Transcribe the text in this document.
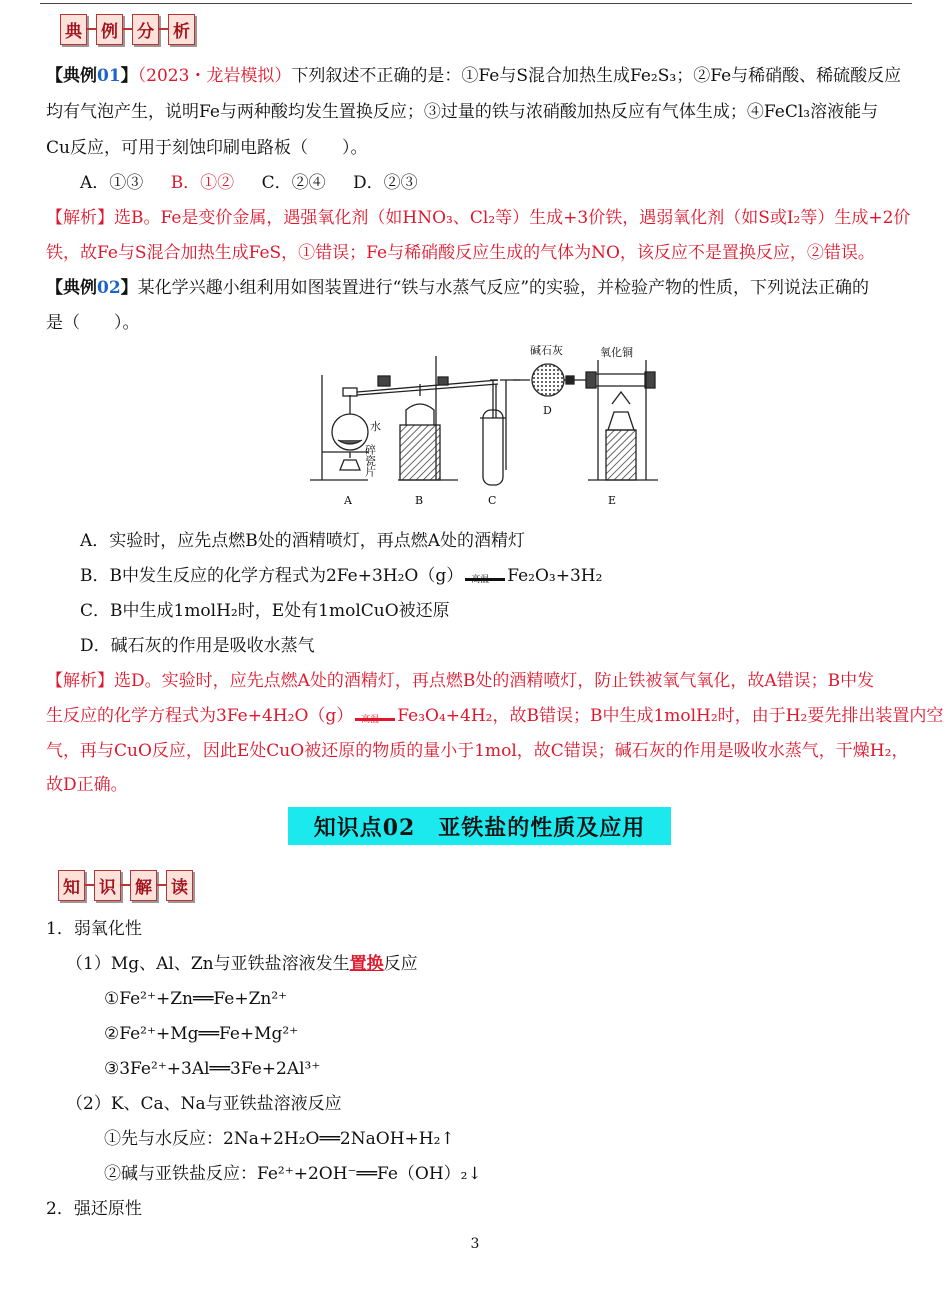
典 例 分 析
【典例01】（2023・龙岩模拟）下列叙述不正确的是：①Fe与S混合加热生成Fe₂S₃；②Fe与稀硝酸、稀硫酸反应
均有气泡产生，说明Fe与两种酸均发生置换反应；③过量的铁与浓硝酸加热反应有气体生成；④FeCl₃溶液能与
Cu反应，可用于刻蚀印刷电路板（　　）。
A．①③ B．①② C．②④ D．②③
【解析】选B。Fe是变价金属，遇强氧化剂（如HNO₃、Cl₂等）生成+3价铁，遇弱氧化剂（如S或I₂等）生成+2价
铁，故Fe与S混合加热生成FeS，①错误；Fe与稀硝酸反应生成的气体为NO，该反应不是置换反应，②错误。
【典例02】某化学兴趣小组利用如图装置进行“铁与水蒸气反应”的实验，并检验产物的性质，下列说法正确的
是（　　）。
水
碎瓷片
碱石灰	氧化铜
A	B	C
D
E
A．实验时，应先点燃B处的酒精喷灯，再点燃A处的酒精灯
B．B中发生反应的化学方程式为2Fe+3H₂O（g） 高温 Fe₂O₃+3H₂
C．B中生成1molH₂时，E处有1molCuO被还原
D．碱石灰的作用是吸收水蒸气
【解析】选D。实验时，应先点燃A处的酒精灯，再点燃B处的酒精喷灯，防止铁被氧气氧化，故A错误；B中发
生反应的化学方程式为3Fe+4H₂O（g） 高温 Fe₃O₄+4H₂，故B错误；B中生成1molH₂时，由于H₂要先排出装置内空
气，再与CuO反应，因此E处CuO被还原的物质的量小于1mol，故C错误；碱石灰的作用是吸收水蒸气，干燥H₂，
故D正确。
知识点02　亚铁盐的性质及应用
知 识 解 读
1．弱氧化性
（1）Mg、Al、Zn与亚铁盐溶液发生置换反应
①Fe²⁺+Zn══Fe+Zn²⁺
②Fe²⁺+Mg══Fe+Mg²⁺
③3Fe²⁺+3Al══3Fe+2Al³⁺
（2）K、Ca、Na与亚铁盐溶液反应
①先与水反应：2Na+2H₂O══2NaOH+H₂↑
②碱与亚铁盐反应：Fe²⁺+2OH⁻══Fe（OH）₂↓
2．强还原性
3
